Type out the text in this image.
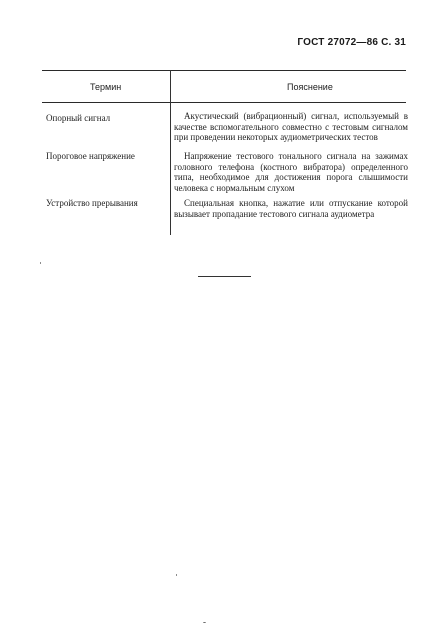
ГОСТ 27072—86 С. 31
Термин	Пояснение
Опорный сигнал	Акустический (вибрационный) сигнал, используемый в качестве вспомогательного совместно с тестовым сигналом при проведении некоторых аудиометрических тестов
Пороговое напряжение	Напряжение тестового тонального сигнала на зажимах головного телефона (костного вибратора) определенного типа, необходимое для достижения порога слышимости человека с нормальным слухом
Устройство прерывания	Специальная кнопка, нажатие или отпускание которой вызывает пропадание тестового сигнала аудиометра
